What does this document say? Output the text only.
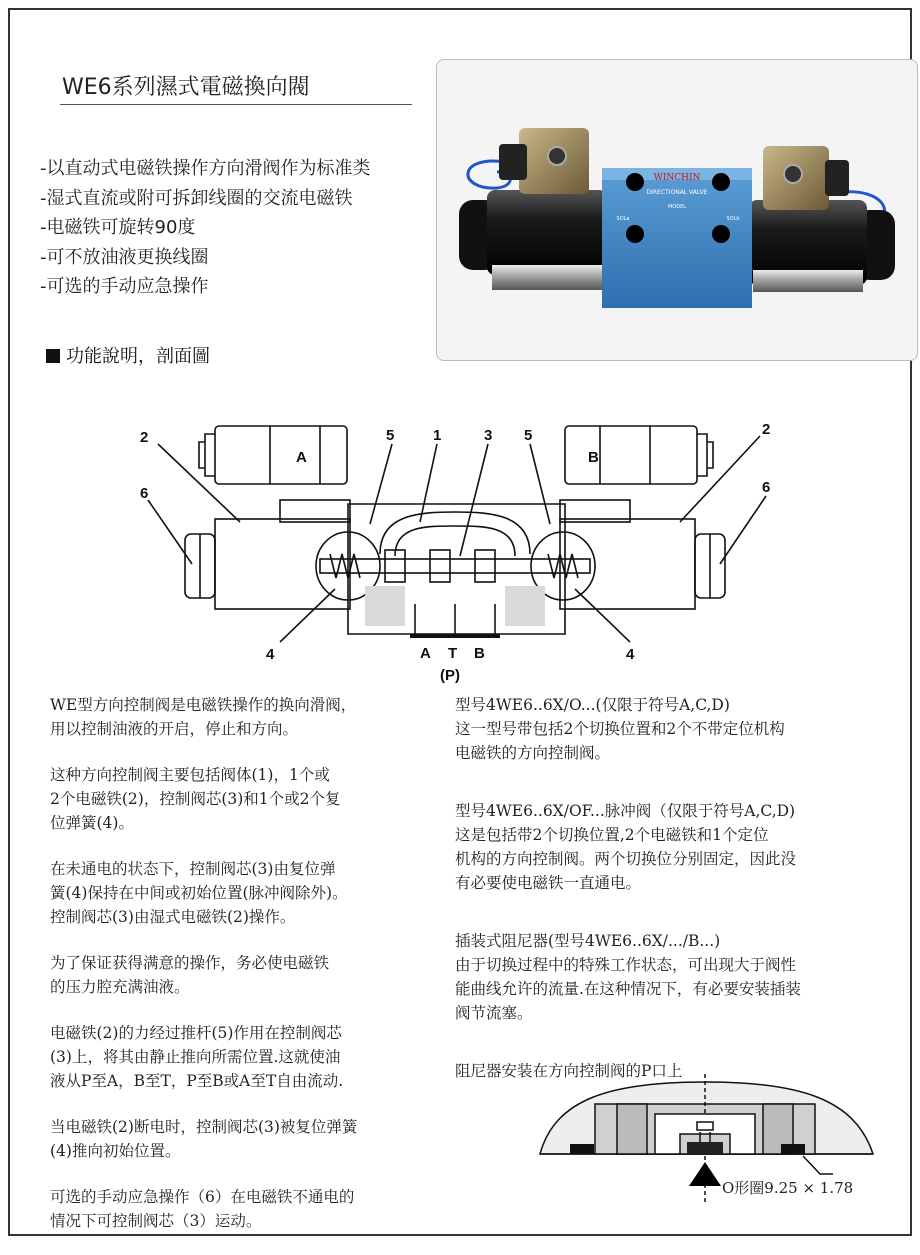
WE6系列濕式電磁換向閥
-以直动式电磁铁操作方向滑阀作为标准类
-湿式直流或附可拆卸线圈的交流电磁铁
-电磁铁可旋转90度
-可不放油液更换线圈
-可选的手动应急操作
WINCHIN
DIRECTIONAL VALVE
MODEL
SOLa	SOLb
功能說明，剖面圖
A	B
1
2	2
3
4	4
5	5
6	6
A T B
(P)

WE型方向控制阀是电磁铁操作的换向滑阀，
用以控制油液的开启，停止和方向。

这种方向控制阀主要包括阀体(1)，1个或
2个电磁铁(2)，控制阀芯(3)和1个或2个复
位弹簧(4)。

在未通电的状态下，控制阀芯(3)由复位弹
簧(4)保持在中间或初始位置(脉冲阀除外)。
控制阀芯(3)由湿式电磁铁(2)操作。

为了保证获得满意的操作，务必使电磁铁
的压力腔充满油液。

电磁铁(2)的力经过推杆(5)作用在控制阀芯
(3)上，将其由静止推向所需位置.这就使油
液从P至A，B至T，P至B或A至T自由流动.

当电磁铁(2)断电时，控制阀芯(3)被复位弹簧
(4)推向初始位置。

可选的手动应急操作（6）在电磁铁不通电的
情况下可控制阀芯（3）运动。

型号4WE6..6X/O...(仅限于符号A,C,D)
这一型号带包括2个切换位置和2个不带定位机构
电磁铁的方向控制阀。

型号4WE6..6X/OF...脉冲阀（仅限于符号A,C,D)
这是包括带2个切换位置,2个电磁铁和1个定位
机构的方向控制阀。两个切换位分别固定，因此没
有必要使电磁铁一直通电。

插装式阻尼器(型号4WE6..6X/.../B...)
由于切换过程中的特殊工作状态，可出现大于阀性
能曲线允许的流量.在这种情况下，有必要安装插装
阀节流塞。

阻尼器安装在方向控制阀的P口上

O形圈9.25 × 1.78
